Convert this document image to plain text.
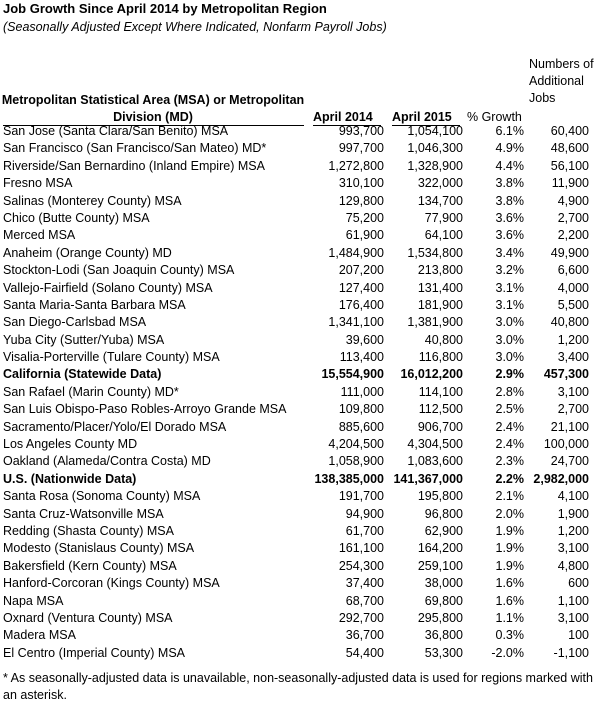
Job Growth Since April 2014 by Metropolitan Region
(Seasonally Adjusted Except Where Indicated, Nonfarm Payroll Jobs)
Metropolitan Statistical Area (MSA) or Metropolitan Division (MD)	April 2014 April 2015 % Growth
Numbers of Additional Jobs
San Jose (Santa Clara/San Benito) MSA	993,700 1,054,100	6.1% 60,400
San Francisco (San Francisco/San Mateo) MD*	997,700 1,046,300	4.9% 48,600
Riverside/San Bernardino (Inland Empire) MSA	1,272,800 1,328,900	4.4% 56,100
Fresno MSA	310,100	322,000	3.8% 11,900
Salinas (Monterey County) MSA	129,800	134,700	3.8%	4,900
Chico (Butte County) MSA	75,200	77,900	3.6%	2,700
Merced MSA	61,900	64,100	3.6%	2,200
Anaheim (Orange County) MD	1,484,900 1,534,800	3.4% 49,900
Stockton-Lodi (San Joaquin County) MSA	207,200	213,800	3.2%	6,600
Vallejo-Fairfield (Solano County) MSA	127,400	131,400	3.1%	4,000
Santa Maria-Santa Barbara MSA	176,400	181,900	3.1%	5,500
San Diego-Carlsbad MSA	1,341,100 1,381,900	3.0% 40,800
Yuba City (Sutter/Yuba) MSA	39,600	40,800	3.0%	1,200
Visalia-Porterville (Tulare County) MSA	113,400	116,800	3.0%	3,400
California (Statewide Data)	15,554,900 16,012,200	2.9% 457,300
San Rafael (Marin County) MD*	111,000	114,100	2.8%	3,100
San Luis Obispo-Paso Robles-Arroyo Grande MSA	109,800	112,500	2.5%	2,700
Sacramento/Placer/Yolo/El Dorado MSA	885,600	906,700	2.4% 21,100
Los Angeles County MD	4,204,500 4,304,500	2.4% 100,000
Oakland (Alameda/Contra Costa) MD	1,058,900 1,083,600	2.3% 24,700
U.S. (Nationwide Data)	138,385,000 141,367,000	2.2% 2,982,000
Santa Rosa (Sonoma County) MSA	191,700	195,800	2.1%	4,100
Santa Cruz-Watsonville MSA	94,900	96,800	2.0%	1,900
Redding (Shasta County) MSA	61,700	62,900	1.9%	1,200
Modesto (Stanislaus County) MSA	161,100	164,200	1.9%	3,100
Bakersfield (Kern County) MSA	254,300	259,100	1.9%	4,800
Hanford-Corcoran (Kings County) MSA	37,400	38,000	1.6%	600
Napa MSA	68,700	69,800	1.6%	1,100
Oxnard (Ventura County) MSA	292,700	295,800	1.1%	3,100
Madera MSA	36,700	36,800	0.3%	100
El Centro (Imperial County) MSA	54,400	53,300 -2.0% -1,100
* As seasonally-adjusted data is unavailable, non-seasonally-adjusted data is used for regions marked with an asterisk.
